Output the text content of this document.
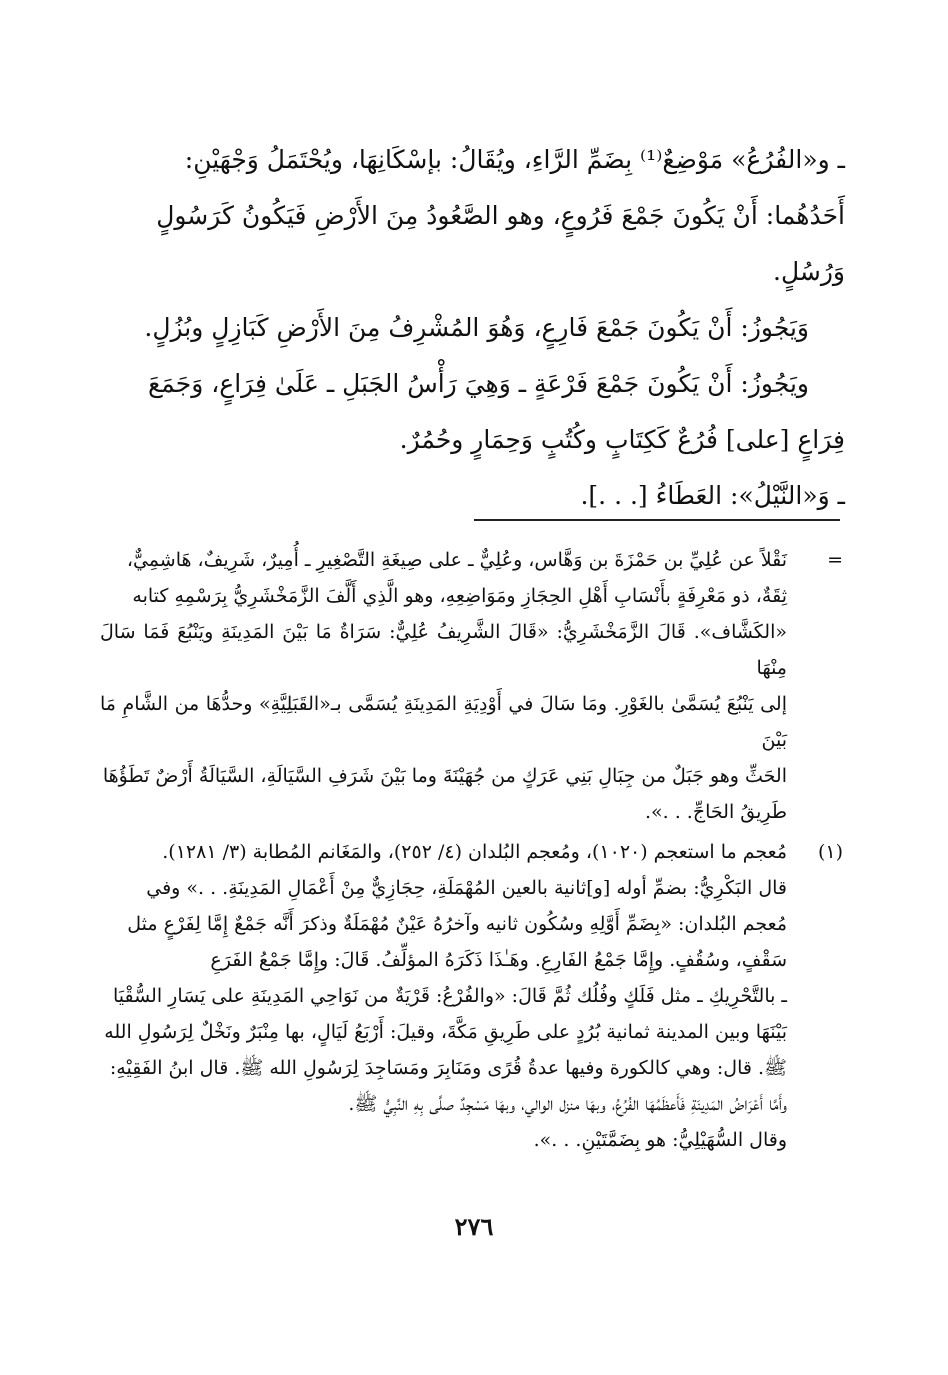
ـ و«الفُرُعُ» مَوْضِعٌ⁽¹⁾ بِضَمِّ الرَّاءِ، ويُقَالُ: بإسْكَانِهَا، ويُحْتَمَلُ وَجْهَيْنِ:

أَحَدُهُما: أَنْ يَكُونَ جَمْعَ فَرُوعٍ، وهو الصَّعُودُ مِنَ الأَرْضِ فَيَكُونُ كَرَسُولٍ

وَرُسُلٍ.

وَيَجُوزُ: أَنْ يَكُونَ جَمْعَ فَارِعٍ، وَهُوَ المُشْرِفُ مِنَ الأَرْضِ كَبَازِلٍ وبُزُلٍ.

ويَجُوزُ: أَنْ يَكُونَ جَمْعَ فَرْعَةٍ ـ وَهِيَ رَأْسُ الجَبَلِ ـ عَلَىٰ فِرَاعٍ، وَجَمَعَ

فِرَاعٍ [على] فُرُعٌ كَكِتَابٍ وكُتُبٍ وَحِمَارٍ وحُمُرٌ.

ـ وَ«النَّيْلُ»: العَطَاءُ [. . .].

=

نَقْلاً عن عُلِيِّ بن حَمْزَةَ بن وَهَّاس، وعُلِيٌّ ـ على صِيغَةِ التَّصْغِيرِ ـ أُمِيرٌ، شَرِيفٌ، هَاشِمِيٌّ،

ثِقَةٌ، ذو مَعْرِفَةٍ بأَنْسَابِ أَهْلِ الحِجَازِ ومَوَاضِعِهِ، وهو الَّذِي أَلَّفَ الزَّمَخْشَرِيُّ بِرَسْمِهِ كتابه

«الكَشَّاف». قَالَ الزَّمَخْشَرِيُّ: «قَالَ الشَّرِيفُ عُلِيٌّ: سَرَاةُ مَا بَيْنَ المَدِينَةِ ويَنْبُعَ فَمَا سَالَ مِنْهَا

إلى يَنْبُعَ يُسَمَّىٰ بالغَوْرِ. ومَا سَالَ في أَوْدِيَةِ المَدِينَةِ يُسَمَّى بـ«القَبَلِيَّةِ» وحدُّهَا من الشَّامِ مَا بَيْنَ

الحَثِّ وهو جَبَلٌ من جِبَالِ بَنِي عَرَكٍ من جُهَيْنَةَ وما بَيْنَ شَرَفِ السَّيَالَةِ، السَّيَالَةُ أَرْضٌ تَطَؤُهَا

طَرِيقُ الحَاجِّ. . .».

(١)

مُعجم ما استعجم (١٠٢٠)، ومُعجم البُلدان (٤/ ٢٥٢)، والمَغَانم المُطابة (٣/ ١٢٨١).

قال البَكْرِيُّ: بضمِّ أوله [و]ثانية بالعين المُهْمَلَةِ، حِجَازِيٌّ مِنْ أَعْمَالِ المَدِينَةِ. . .» وفي

مُعجم البُلدان: «بِضَمِّ أَوَّلِهِ وسُكُون ثانيه وآخرُهُ عَيْنٌ مُهْمَلَةٌ وذكرَ أَنَّه جَمْعٌ إِمَّا لِفَرْعٍ مثل

سَقْفٍ، وسُقُفٍ. وإِمَّا جَمْعُ الفَارِعِ. وهَـٰذَا ذَكَرَهُ المؤلِّفُ. قَالَ: وإِمَّا جَمْعُ الفَرَعِ

ـ بالتَّحْرِيكِ ـ مثل فَلَكٍ وفُلُك ثُمَّ قَالَ: «والفُرْعُ: قَرْيَةٌ من نَوَاحِي المَدِينَةِ على يَسَارِ السُّقْيَا

بَيْنَهَا وبين المدينة ثمانية بُرُدٍ على طَرِيقِ مَكَّةَ، وقيلَ: أَرْبَعُ لَيَالٍ، بها مِنْبَرٌ ونَخْلٌ لِرَسُولِ الله

ﷺ. قال: وهي كالكورة وفيها عدةُ قُرًى ومَنَابِرَ ومَسَاجِدَ لِرَسُولِ الله ﷺ. قال ابنُ الفَقِيْهِ:

وأَمَّا أَعْرَاضُ المَدِينَةِ فَأَعظَمُهَا الفُرُعُ، وبهَا منزل الوالي، وبهَا مَسْجِدٌ صلَّى بِهِ النَّبِيُّ ﷺ.

وقال السُّهَيْلِيُّ: هو بِضَمَّتَيْنِ. . .».

٢٧٦
